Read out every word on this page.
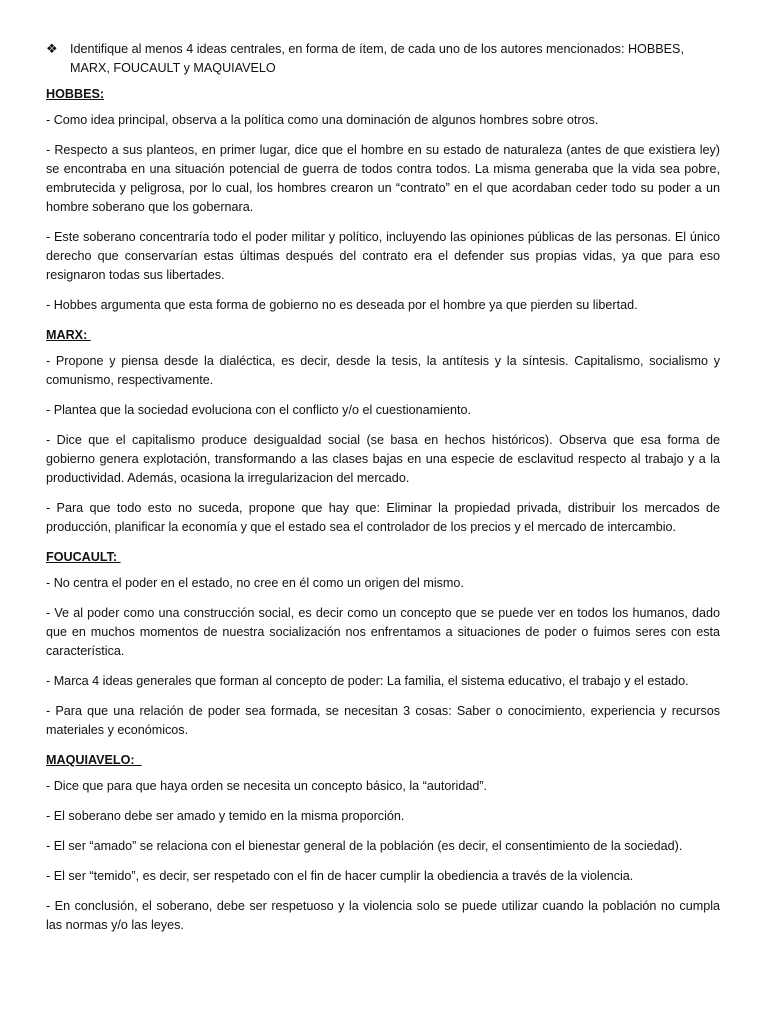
❖ Identifique al menos 4 ideas centrales, en forma de ítem, de cada uno de los autores mencionados: HOBBES, MARX, FOUCAULT y MAQUIAVELO
HOBBES:

- Como idea principal, observa a la política como una dominación de algunos hombres sobre otros.

- Respecto a sus planteos, en primer lugar, dice que el hombre en su estado de naturaleza (antes de que existiera ley) se encontraba en una situación potencial de guerra de todos contra todos. La misma generaba que la vida sea pobre, embrutecida y peligrosa, por lo cual, los hombres crearon un “contrato” en el que acordaban ceder todo su poder a un hombre soberano que los gobernara.

- Este soberano concentraría todo el poder militar y político, incluyendo las opiniones públicas de las personas. El único derecho que conservarían estas últimas después del contrato era el defender sus propias vidas, ya que para eso resignaron todas sus libertades.

- Hobbes argumenta que esta forma de gobierno no es deseada por el hombre ya que pierden su libertad.

MARX:

- Propone y piensa desde la dialéctica, es decir, desde la tesis, la antítesis y la síntesis. Capitalismo, socialismo y comunismo, respectivamente.

- Plantea que la sociedad evoluciona con el conflicto y/o el cuestionamiento.

- Dice que el capitalismo produce desigualdad social (se basa en hechos históricos). Observa que esa forma de gobierno genera explotación, transformando a las clases bajas en una especie de esclavitud respecto al trabajo y a la productividad. Además, ocasiona la irregularizacion del mercado.

- Para que todo esto no suceda, propone que hay que: Eliminar la propiedad privada, distribuir los mercados de producción, planificar la economía y que el estado sea el controlador de los precios y el mercado de intercambio.

FOUCAULT:

- No centra el poder en el estado, no cree en él como un origen del mismo.

- Ve al poder como una construcción social, es decir como un concepto que se puede ver en todos los humanos, dado que en muchos momentos de nuestra socialización nos enfrentamos a situaciones de poder o fuimos seres con esta característica.

- Marca 4 ideas generales que forman al concepto de poder: La familia, el sistema educativo, el trabajo y el estado.

- Para que una relación de poder sea formada, se necesitan 3 cosas: Saber o conocimiento, experiencia y recursos materiales y económicos.

MAQUIAVELO:

- Dice que para que haya orden se necesita un concepto básico, la “autoridad”.

- El soberano debe ser amado y temido en la misma proporción.

- El ser “amado” se relaciona con el bienestar general de la población (es decir, el consentimiento de la sociedad).

- El ser “temido”, es decir, ser respetado con el fin de hacer cumplir la obediencia a través de la violencia.

- En conclusión, el soberano, debe ser respetuoso y la violencia solo se puede utilizar cuando la población no cumpla las normas y/o las leyes.
